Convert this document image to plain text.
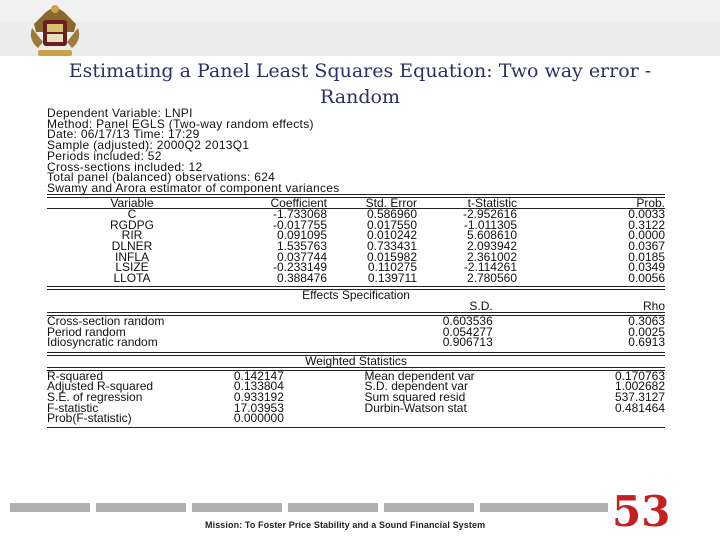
Estimating a Panel Least Squares Equation: Two way error - Random
Dependent Variable: LNPI
Method: Panel EGLS (Two-way random effects)
Date: 06/17/13 Time: 17:29
Sample (adjusted): 2000Q2 2013Q1
Periods included: 52
Cross-sections included: 12
Total panel (balanced) observations: 624
Swamy and Arora estimator of component variances
Variable	Coefficient	Std. Error	t-Statistic	Prob.
C	-1.733068	0.586960	-2.952616	0.0033
RGDPG	-0.017755	0.017550	-1.011305	0.3122
RIR	0.091095	0.010242	5.608610	0.0000
DLNER	1.535763	0.733431	2.093942	0.0367
INFLA	0.037744	0.015982	2.361002	0.0185
LSIZE	-0.233149	0.110275	-2.114261	0.0349
LLOTA	0.388476	0.139711	2.780560	0.0056
Effects Specification
	S.D.	Rho
Cross-section random	0.603536	0.3063
Period random	0.054277	0.0025
Idiosyncratic random	0.906713	0.6913
Weighted Statistics
R-squared	0.142147		Mean dependent var	0.170763
Adjusted R-squared	0.133804		S.D. dependent var	1.002682
S.E. of regression	0.933192		Sum squared resid	537.3127
F-statistic	17.03953		Durbin-Watson stat	0.481464
Prob(F-statistic)	0.000000			
Mission: To Foster Price Stability and a Sound Financial System	53
